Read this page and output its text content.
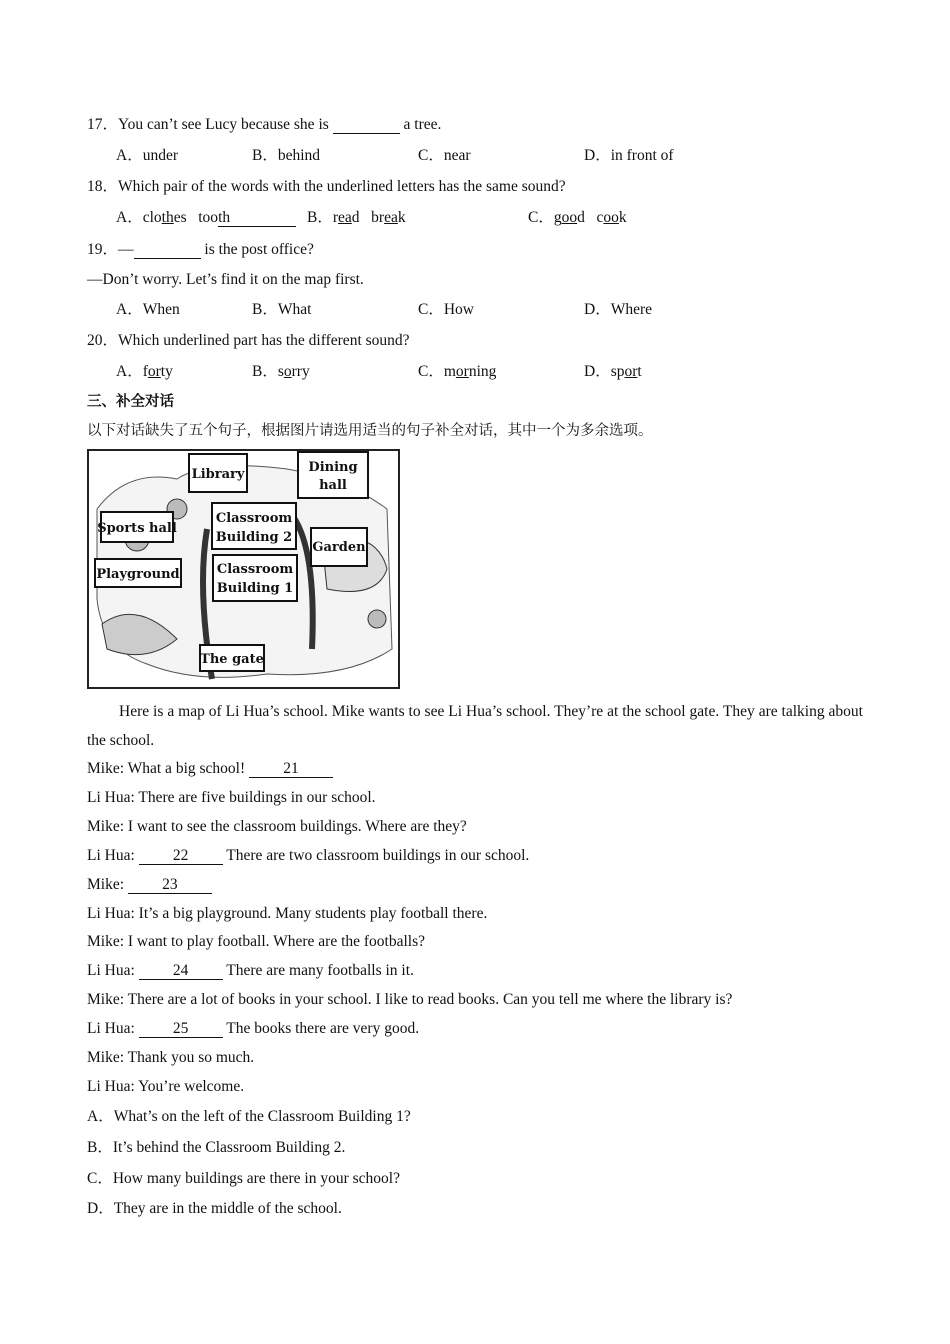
17．You can’t see Lucy because she is	a tree.
A．under	B．behind	C．near	D．in front of
18．Which pair of the words with the underlined letters has the same sound?
A．clothes tooth	B．read break	C．good cook
19．—	is the post office?
—Don’t worry. Let’s find it on the map first.
A．When	B．What	C．How	D．Where
20．Which underlined part has the different sound?
A．forty	B．sorry	C．morning	D．sport
三、补全对话
以下对话缺失了五个句子，根据图片请选用适当的句子补全对话，其中一个为多余选项。
Library	Dining
hall
Sports hall
Classroom
Building 2
Garden
Playground	Classroom
Building 1
The gate
Here is a map of Li Hua’s school. Mike wants to see Li Hua’s school. They’re at the school gate. They are talking about the school.
Mike: What a big school! 21
Li Hua: There are five buildings in our school.
Mike: I want to see the classroom buildings. Where are they?
Li Hua: 22 There are two classroom buildings in our school.
Mike: 23
Li Hua: It’s a big playground. Many students play football there.
Mike: I want to play football. Where are the footballs?
Li Hua: 24 There are many footballs in it.
Mike: There are a lot of books in your school. I like to read books. Can you tell me where the library is?
Li Hua: 25 The books there are very good.
Mike: Thank you so much.
Li Hua: You’re welcome.
A．What’s on the left of the Classroom Building 1?
B．It’s behind the Classroom Building 2.
C．How many buildings are there in your school?
D．They are in the middle of the school.
